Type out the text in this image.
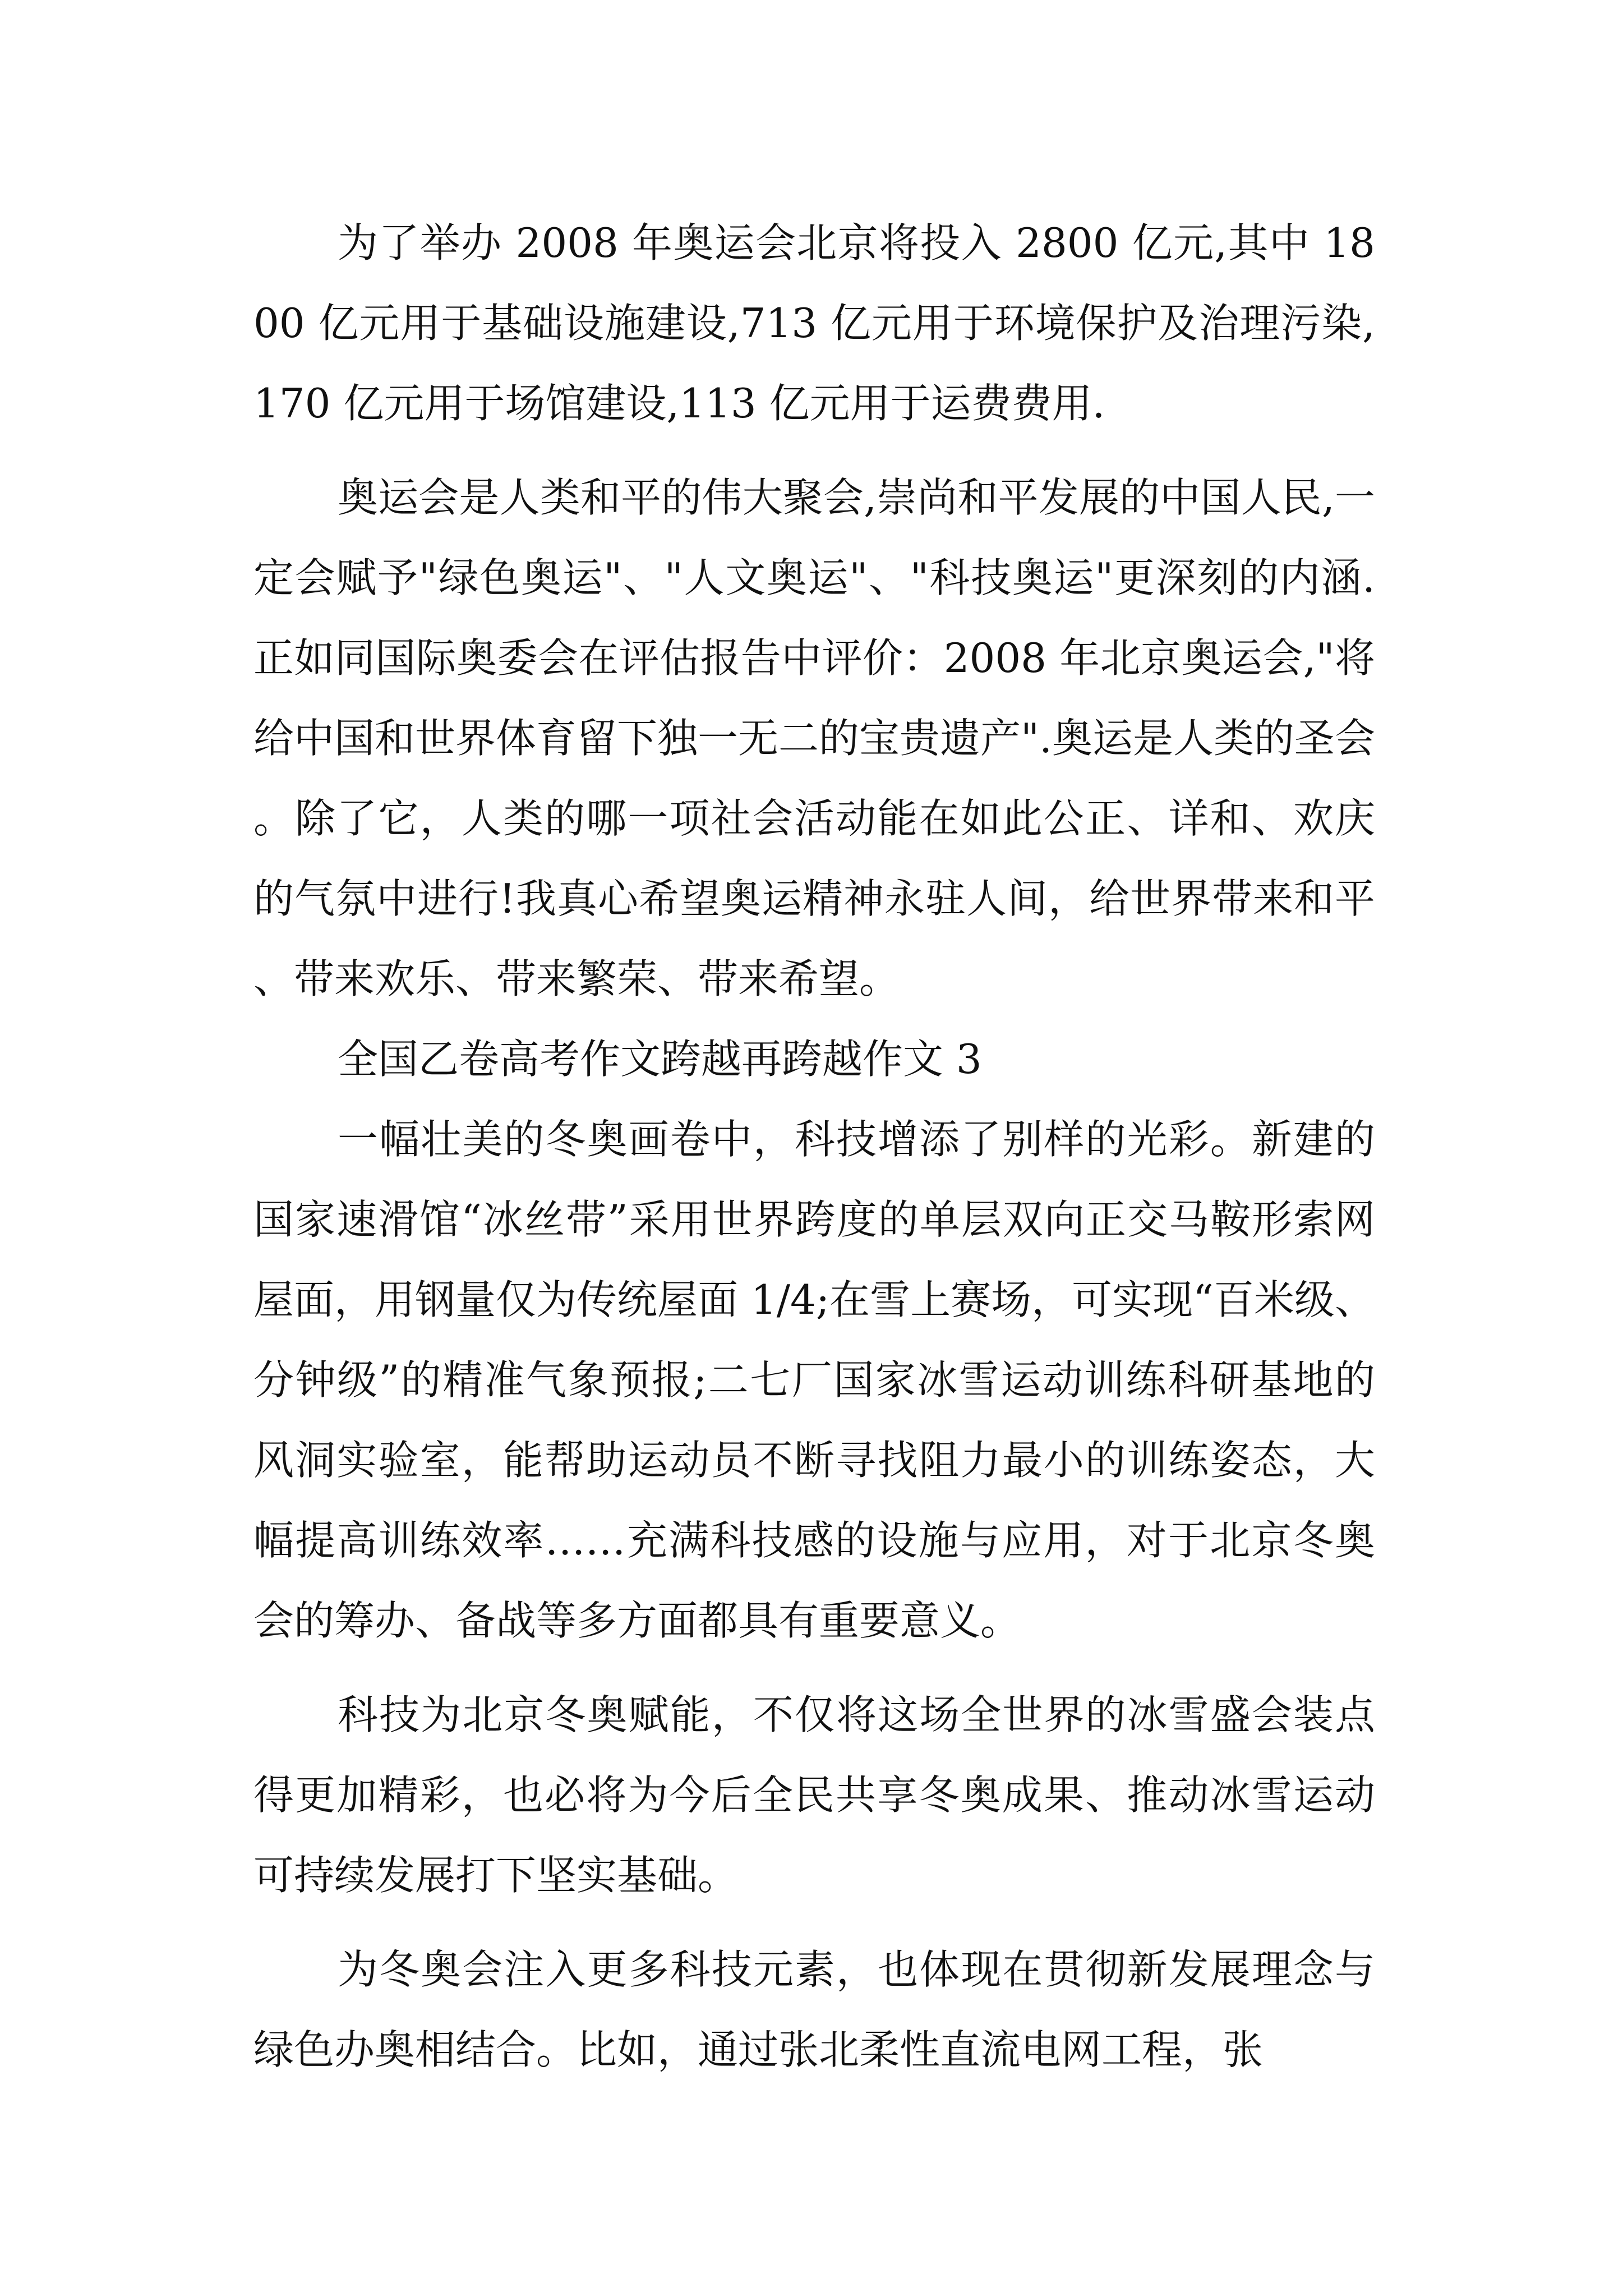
为了举办 2008 年奥运会北京将投入 2800 亿元,其中 1800 亿元用于基础设施建设,713 亿元用于环境保护及治理污染,170 亿元用于场馆建设,113 亿元用于运费费用.

奥运会是人类和平的伟大聚会,崇尚和平发展的中国人民,一定会赋予"绿色奥运"、"人文奥运"、"科技奥运"更深刻的内涵.正如同国际奥委会在评估报告中评价：2008 年北京奥运会,"将给中国和世界体育留下独一无二的宝贵遗产".奥运是人类的圣会。除了它，人类的哪一项社会活动能在如此公正、详和、欢庆的气氛中进行!我真心希望奥运精神永驻人间，给世界带来和平、带来欢乐、带来繁荣、带来希望。

全国乙卷高考作文跨越再跨越作文 3

一幅壮美的冬奥画卷中，科技增添了别样的光彩。新建的国家速滑馆“冰丝带”采用世界跨度的单层双向正交马鞍形索网屋面，用钢量仅为传统屋面 1/4;在雪上赛场，可实现“百米级、分钟级”的精准气象预报;二七厂国家冰雪运动训练科研基地的风洞实验室，能帮助运动员不断寻找阻力最小的训练姿态，大幅提高训练效率……充满科技感的设施与应用，对于北京冬奥会的筹办、备战等多方面都具有重要意义。

科技为北京冬奥赋能，不仅将这场全世界的冰雪盛会装点得更加精彩，也必将为今后全民共享冬奥成果、推动冰雪运动可持续发展打下坚实基础。

为冬奥会注入更多科技元素，也体现在贯彻新发展理念与绿色办奥相结合。比如，通过张北柔性直流电网工程，张
